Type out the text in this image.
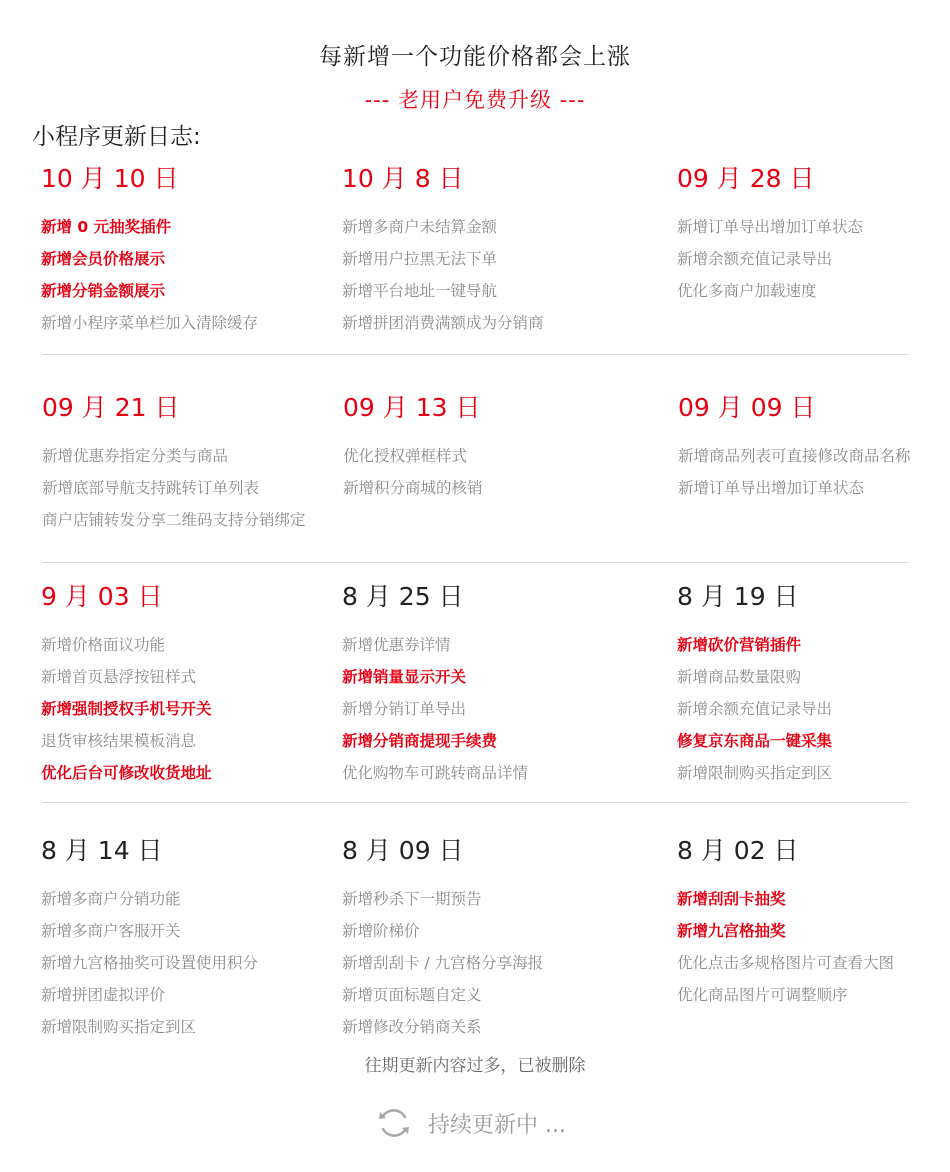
每新增一个功能价格都会上涨
--- 老用户免费升级 ---
小程序更新日志:
10 月 10 日
新增 0 元抽奖插件
新增会员价格展示
新增分销金额展示
新增小程序菜单栏加入清除缓存
10 月 8 日
新增多商户未结算金额
新增用户拉黑无法下单
新增平台地址一键导航
新增拼团消费满额成为分销商
09 月 28 日
新增订单导出增加订单状态
新增余额充值记录导出
优化多商户加载速度
09 月 21 日
新增优惠券指定分类与商品
新增底部导航支持跳转订单列表
商户店铺转发分享二维码支持分销绑定
09 月 13 日
优化授权弹框样式
新增积分商城的核销
09 月 09 日
新增商品列表可直接修改商品名称
新增订单导出增加订单状态
9 月 03 日
新增价格面议功能
新增首页悬浮按钮样式
新增强制授权手机号开关
退货审核结果模板消息
优化后台可修改收货地址
8 月 25 日
新增优惠券详情
新增销量显示开关
新增分销订单导出
新增分销商提现手续费
优化购物车可跳转商品详情
8 月 19 日
新增砍价营销插件
新增商品数量限购
新增余额充值记录导出
修复京东商品一键采集
新增限制购买指定到区
8 月 14 日
新增多商户分销功能
新增多商户客服开关
新增九宫格抽奖可设置使用积分
新增拼团虚拟评价
新增限制购买指定到区
8 月 09 日
新增秒杀下一期预告
新增阶梯价
新增刮刮卡 / 九宫格分享海报
新增页面标题自定义
新增修改分销商关系
8 月 02 日
新增刮刮卡抽奖
新增九宫格抽奖
优化点击多规格图片可查看大图
优化商品图片可调整顺序
往期更新内容过多，已被删除
持续更新中 ...
